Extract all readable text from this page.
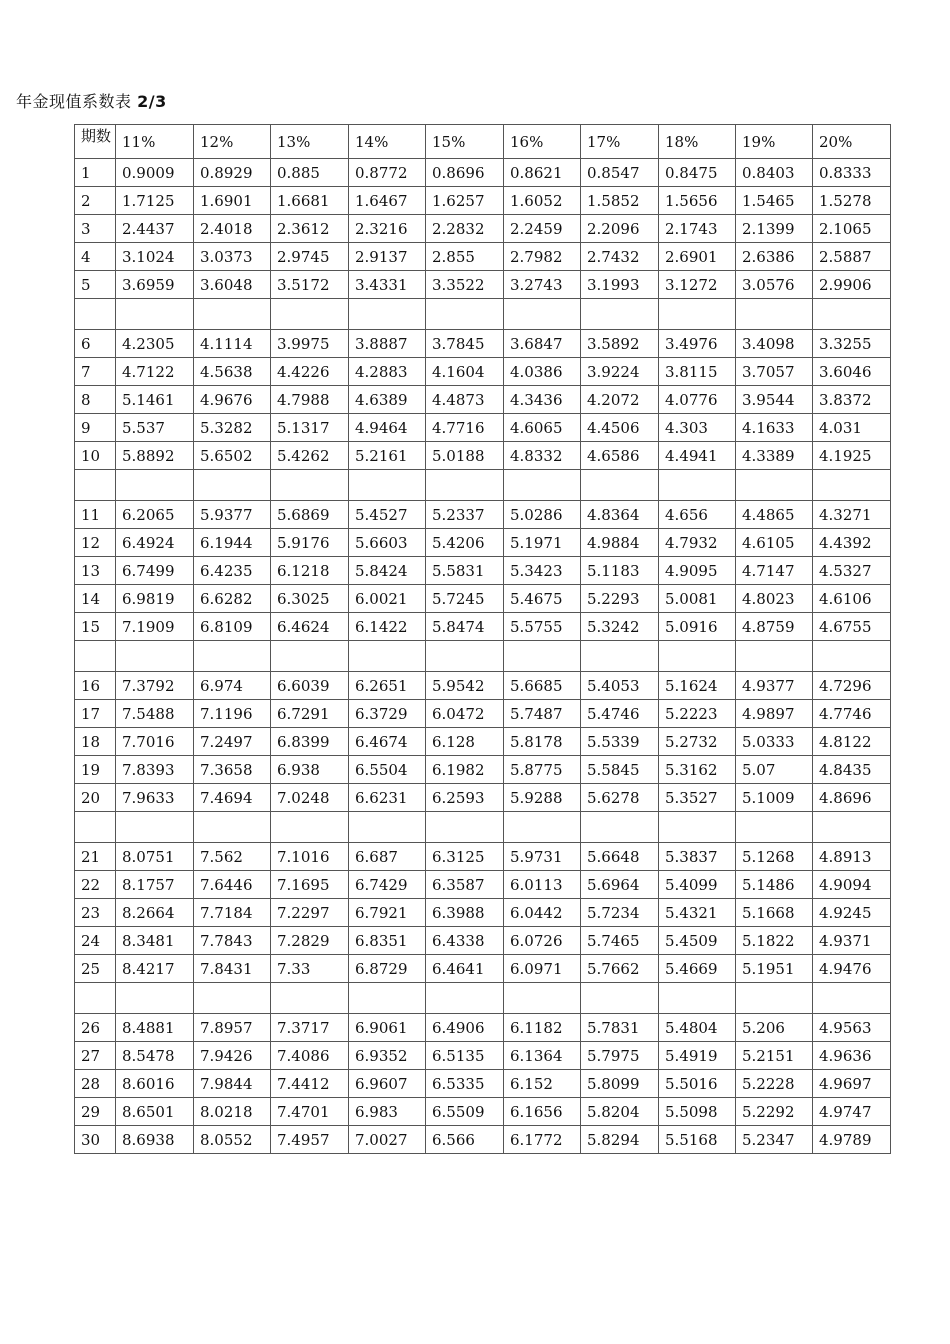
年金现值系数表 2/3
期数	11%	12%	13%	14%	15%	16%	17%	18%	19%	20%
1	0.9009	0.8929	0.885	0.8772	0.8696	0.8621	0.8547	0.8475	0.8403	0.8333
2	1.7125	1.6901	1.6681	1.6467	1.6257	1.6052	1.5852	1.5656	1.5465	1.5278
3	2.4437	2.4018	2.3612	2.3216	2.2832	2.2459	2.2096	2.1743	2.1399	2.1065
4	3.1024	3.0373	2.9745	2.9137	2.855	2.7982	2.7432	2.6901	2.6386	2.5887
5	3.6959	3.6048	3.5172	3.4331	3.3522	3.2743	3.1993	3.1272	3.0576	2.9906

6	4.2305	4.1114	3.9975	3.8887	3.7845	3.6847	3.5892	3.4976	3.4098	3.3255
7	4.7122	4.5638	4.4226	4.2883	4.1604	4.0386	3.9224	3.8115	3.7057	3.6046
8	5.1461	4.9676	4.7988	4.6389	4.4873	4.3436	4.2072	4.0776	3.9544	3.8372
9	5.537	5.3282	5.1317	4.9464	4.7716	4.6065	4.4506	4.303	4.1633	4.031
10	5.8892	5.6502	5.4262	5.2161	5.0188	4.8332	4.6586	4.4941	4.3389	4.1925

11	6.2065	5.9377	5.6869	5.4527	5.2337	5.0286	4.8364	4.656	4.4865	4.3271
12	6.4924	6.1944	5.9176	5.6603	5.4206	5.1971	4.9884	4.7932	4.6105	4.4392
13	6.7499	6.4235	6.1218	5.8424	5.5831	5.3423	5.1183	4.9095	4.7147	4.5327
14	6.9819	6.6282	6.3025	6.0021	5.7245	5.4675	5.2293	5.0081	4.8023	4.6106
15	7.1909	6.8109	6.4624	6.1422	5.8474	5.5755	5.3242	5.0916	4.8759	4.6755

16	7.3792	6.974	6.6039	6.2651	5.9542	5.6685	5.4053	5.1624	4.9377	4.7296
17	7.5488	7.1196	6.7291	6.3729	6.0472	5.7487	5.4746	5.2223	4.9897	4.7746
18	7.7016	7.2497	6.8399	6.4674	6.128	5.8178	5.5339	5.2732	5.0333	4.8122
19	7.8393	7.3658	6.938	6.5504	6.1982	5.8775	5.5845	5.3162	5.07	4.8435
20	7.9633	7.4694	7.0248	6.6231	6.2593	5.9288	5.6278	5.3527	5.1009	4.8696

21	8.0751	7.562	7.1016	6.687	6.3125	5.9731	5.6648	5.3837	5.1268	4.8913
22	8.1757	7.6446	7.1695	6.7429	6.3587	6.0113	5.6964	5.4099	5.1486	4.9094
23	8.2664	7.7184	7.2297	6.7921	6.3988	6.0442	5.7234	5.4321	5.1668	4.9245
24	8.3481	7.7843	7.2829	6.8351	6.4338	6.0726	5.7465	5.4509	5.1822	4.9371
25	8.4217	7.8431	7.33	6.8729	6.4641	6.0971	5.7662	5.4669	5.1951	4.9476

26	8.4881	7.8957	7.3717	6.9061	6.4906	6.1182	5.7831	5.4804	5.206	4.9563
27	8.5478	7.9426	7.4086	6.9352	6.5135	6.1364	5.7975	5.4919	5.2151	4.9636
28	8.6016	7.9844	7.4412	6.9607	6.5335	6.152	5.8099	5.5016	5.2228	4.9697
29	8.6501	8.0218	7.4701	6.983	6.5509	6.1656	5.8204	5.5098	5.2292	4.9747
30	8.6938	8.0552	7.4957	7.0027	6.566	6.1772	5.8294	5.5168	5.2347	4.9789
